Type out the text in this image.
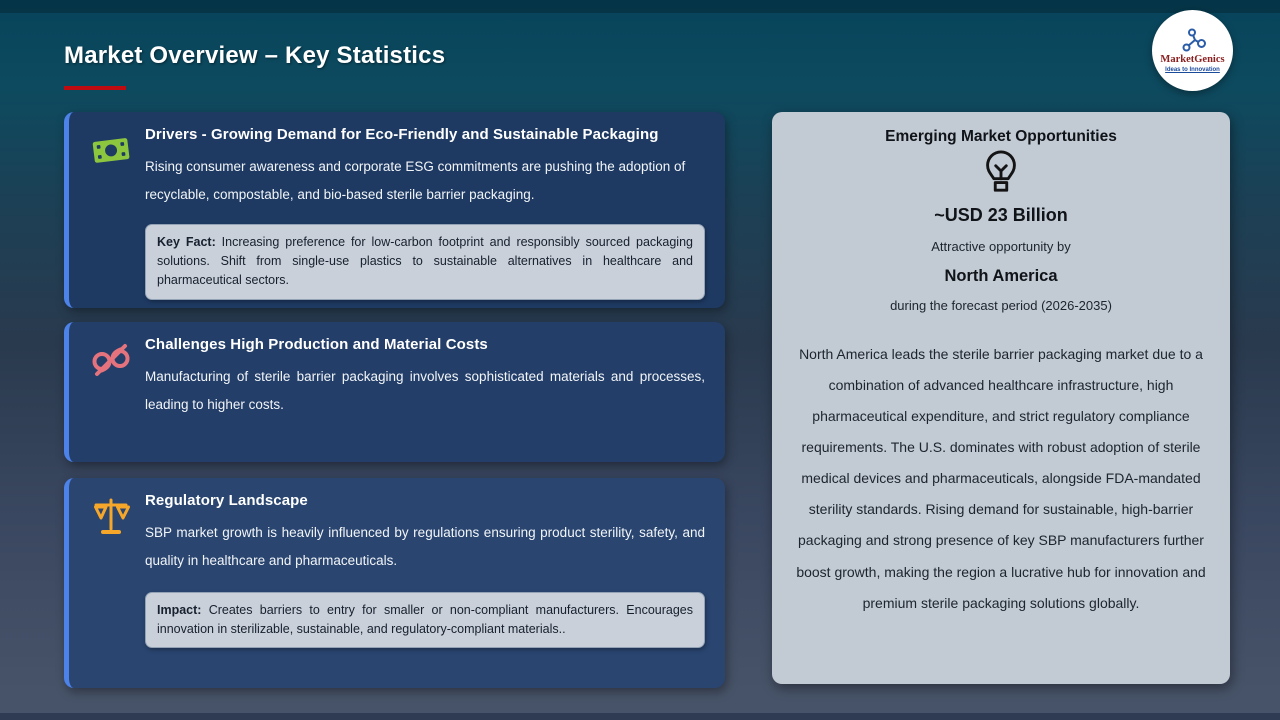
Market Overview – Key Statistics	MarketGenics
Ideas to Innovation
Drivers - Growing Demand for Eco-Friendly and Sustainable Packaging

Rising consumer awareness and corporate ESG commitments are pushing the adoption of recyclable, compostable, and bio-based sterile barrier packaging.

Key Fact: Increasing preference for low-carbon footprint and responsibly sourced packaging solutions. Shift from single-use plastics to sustainable alternatives in healthcare and pharmaceutical sectors.
Challenges High Production and Material Costs

Manufacturing of sterile barrier packaging involves sophisticated materials and processes, leading to higher costs.

Regulatory Landscape

SBP market growth is heavily influenced by regulations ensuring product sterility, safety, and quality in healthcare and pharmaceuticals.

Impact: Creates barriers to entry for smaller or non-compliant manufacturers. Encourages innovation in sterilizable, sustainable, and regulatory-compliant materials..
Emerging Market Opportunities
~USD 23 Billion
Attractive opportunity by
North America
during the forecast period (2026-2035)

North America leads the sterile barrier packaging market due to a combination of advanced healthcare infrastructure, high pharmaceutical expenditure, and strict regulatory compliance requirements. The U.S. dominates with robust adoption of sterile medical devices and pharmaceuticals, alongside FDA-mandated sterility standards. Rising demand for sustainable, high-barrier packaging and strong presence of key SBP manufacturers further boost growth, making the region a lucrative hub for innovation and premium sterile packaging solutions globally.
